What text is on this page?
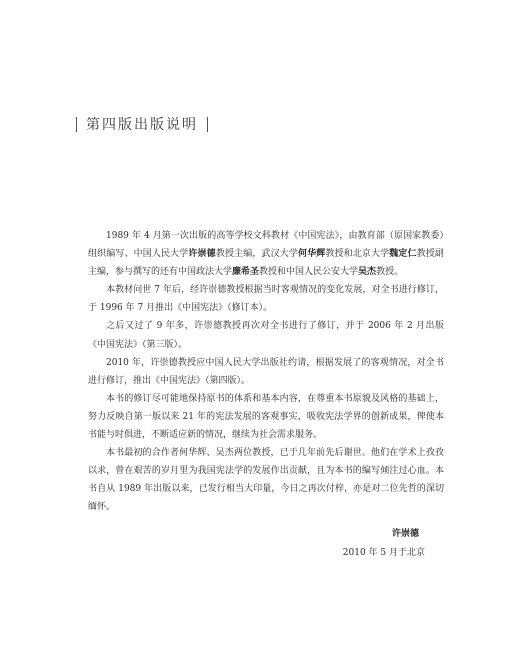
第四版出版说明

1989 年 4 月第一次出版的高等学校文科教材《中国宪法》，由教育部（原国家教委）组织编写、中国人民大学许崇德教授主编，武汉大学何华辉教授和北京大学魏定仁教授副主编，参与撰写的还有中国政法大学廉希圣教授和中国人民公安大学吴杰教授。

本教材问世 7 年后，经许崇德教授根据当时客观情况的变化发展，对全书进行修订，于 1996 年 7 月推出《中国宪法》（修订本）。

之后又过了 9 年多，许崇德教授再次对全书进行了修订，并于 2006 年 2 月出版《中国宪法》（第三版）。

2010 年，许崇德教授应中国人民大学出版社约请，根据发展了的客观情况，对全书进行修订，推出《中国宪法》（第四版）。

本书的修订尽可能地保持原书的体系和基本内容，在尊重本书原貌及风格的基础上，努力反映自第一版以来 21 年的宪法发展的客观事实，吸收宪法学界的创新成果，俾使本书能与时俱进，不断适应新的情况，继续为社会需求服务。

本书最初的合作者何华辉、吴杰两位教授，已于几年前先后谢世。他们在学术上孜孜以求，曾在艰苦的岁月里为我国宪法学的发展作出贡献，且为本书的编写倾注过心血。本书自从 1989 年出版以来，已发行相当大印量，今日之再次付梓，亦是对二位先哲的深切缅怀。

许崇德
2010 年 5 月于北京
